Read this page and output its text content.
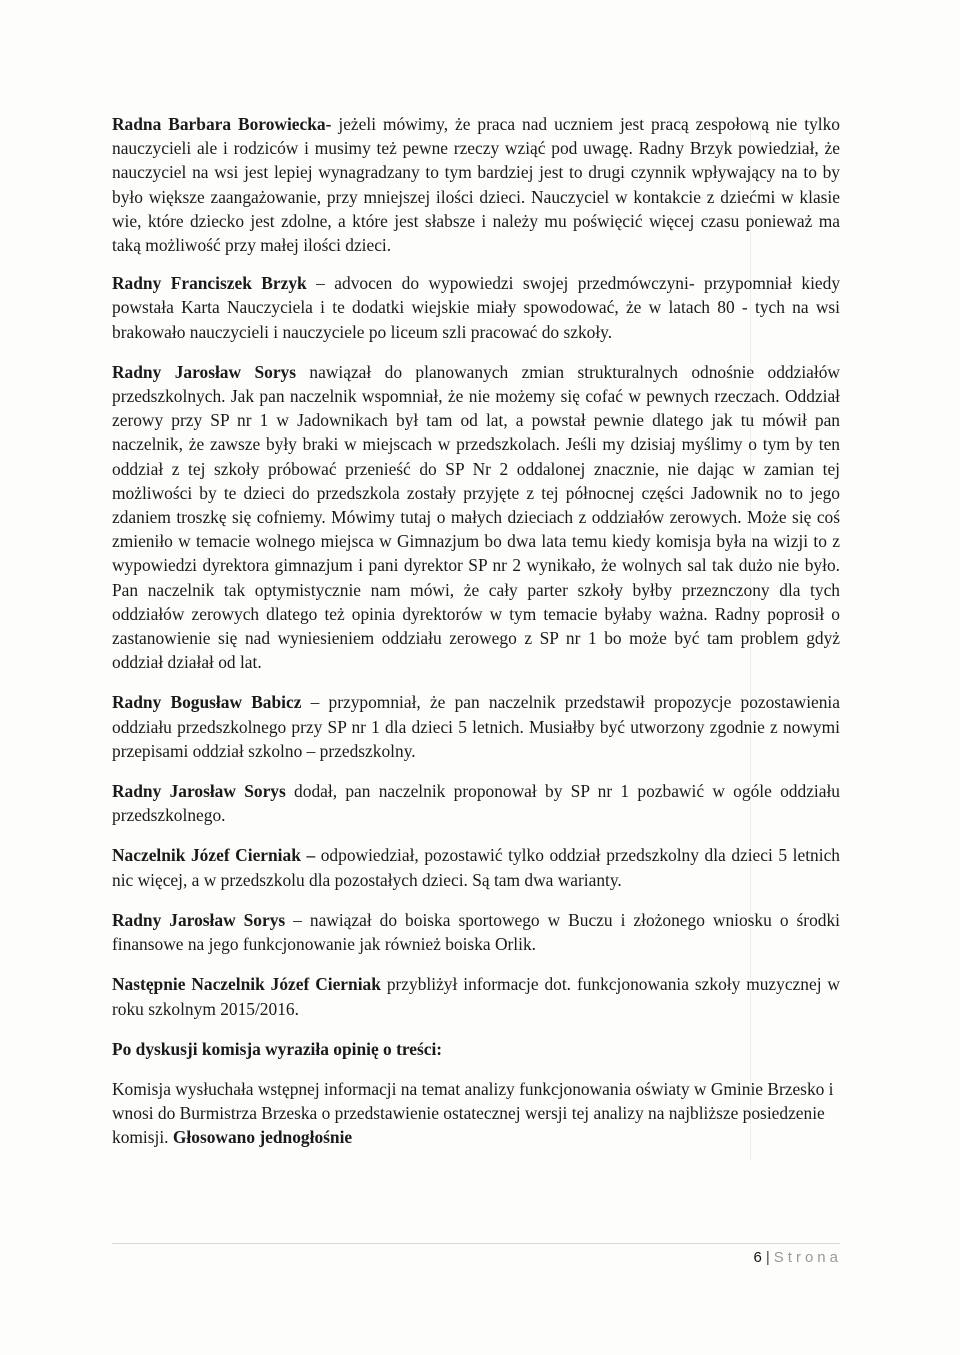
Radna Barbara Borowiecka- jeżeli mówimy, że praca nad uczniem jest pracą zespołową nie tylko nauczycieli ale i rodziców i musimy też pewne rzeczy wziąć pod uwagę. Radny Brzyk powiedział, że nauczyciel na wsi jest lepiej wynagradzany to tym bardziej jest to drugi czynnik wpływający na to by było większe zaangażowanie, przy mniejszej ilości dzieci. Nauczyciel w kontakcie z dziećmi w klasie wie, które dziecko jest zdolne, a które jest słabsze i należy mu poświęcić więcej czasu ponieważ ma taką możliwość przy małej ilości dzieci.

Radny Franciszek Brzyk – advocen do wypowiedzi swojej przedmówczyni- przypomniał kiedy powstała Karta Nauczyciela i te dodatki wiejskie miały spowodować, że w latach 80 - tych na wsi brakowało nauczycieli i nauczyciele po liceum szli pracować do szkoły.

Radny Jarosław Sorys nawiązał do planowanych zmian strukturalnych odnośnie oddziałów przedszkolnych. Jak pan naczelnik wspomniał, że nie możemy się cofać w pewnych rzeczach. Oddział zerowy przy SP nr 1 w Jadownikach był tam od lat, a powstał pewnie dlatego jak tu mówił pan naczelnik, że zawsze były braki w miejscach w przedszkolach. Jeśli my dzisiaj myślimy o tym by ten oddział z tej szkoły próbować przenieść do SP Nr 2 oddalonej znacznie, nie dając w zamian tej możliwości by te dzieci do przedszkola zostały przyjęte z tej północnej części Jadownik no to jego zdaniem troszkę się cofniemy. Mówimy tutaj o małych dzieciach z oddziałów zerowych. Może się coś zmieniło w temacie wolnego miejsca w Gimnazjum bo dwa lata temu kiedy komisja była na wizji to z wypowiedzi dyrektora gimnazjum i pani dyrektor SP nr 2 wynikało, że wolnych sal tak dużo nie było. Pan naczelnik tak optymistycznie nam mówi, że cały parter szkoły byłby przeznczony dla tych oddziałów zerowych dlatego też opinia dyrektorów w tym temacie byłaby ważna. Radny poprosił o zastanowienie się nad wyniesieniem oddziału zerowego z SP nr 1 bo może być tam problem gdyż oddział działał od lat.

Radny Bogusław Babicz – przypomniał, że pan naczelnik przedstawił propozycje pozostawienia oddziału przedszkolnego przy SP nr 1 dla dzieci 5 letnich. Musiałby być utworzony zgodnie z nowymi przepisami oddział szkolno – przedszkolny.

Radny Jarosław Sorys dodał, pan naczelnik proponował by SP nr 1 pozbawić w ogóle oddziału przedszkolnego.

Naczelnik Józef Cierniak – odpowiedział, pozostawić tylko oddział przedszkolny dla dzieci 5 letnich nic więcej, a w przedszkolu dla pozostałych dzieci. Są tam dwa warianty.

Radny Jarosław Sorys – nawiązał do boiska sportowego w Buczu i złożonego wniosku o środki finansowe na jego funkcjonowanie jak również boiska Orlik.

Następnie Naczelnik Józef Cierniak przybliżył informacje dot. funkcjonowania szkoły muzycznej w roku szkolnym 2015/2016.

Po dyskusji komisja wyraziła opinię o treści:

Komisja wysłuchała wstępnej informacji na temat analizy funkcjonowania oświaty w Gminie Brzesko i wnosi do Burmistrza Brzeska o przedstawienie ostatecznej wersji tej analizy na najbliższe posiedzenie komisji. Głosowano jednogłośnie

6 | Strona
